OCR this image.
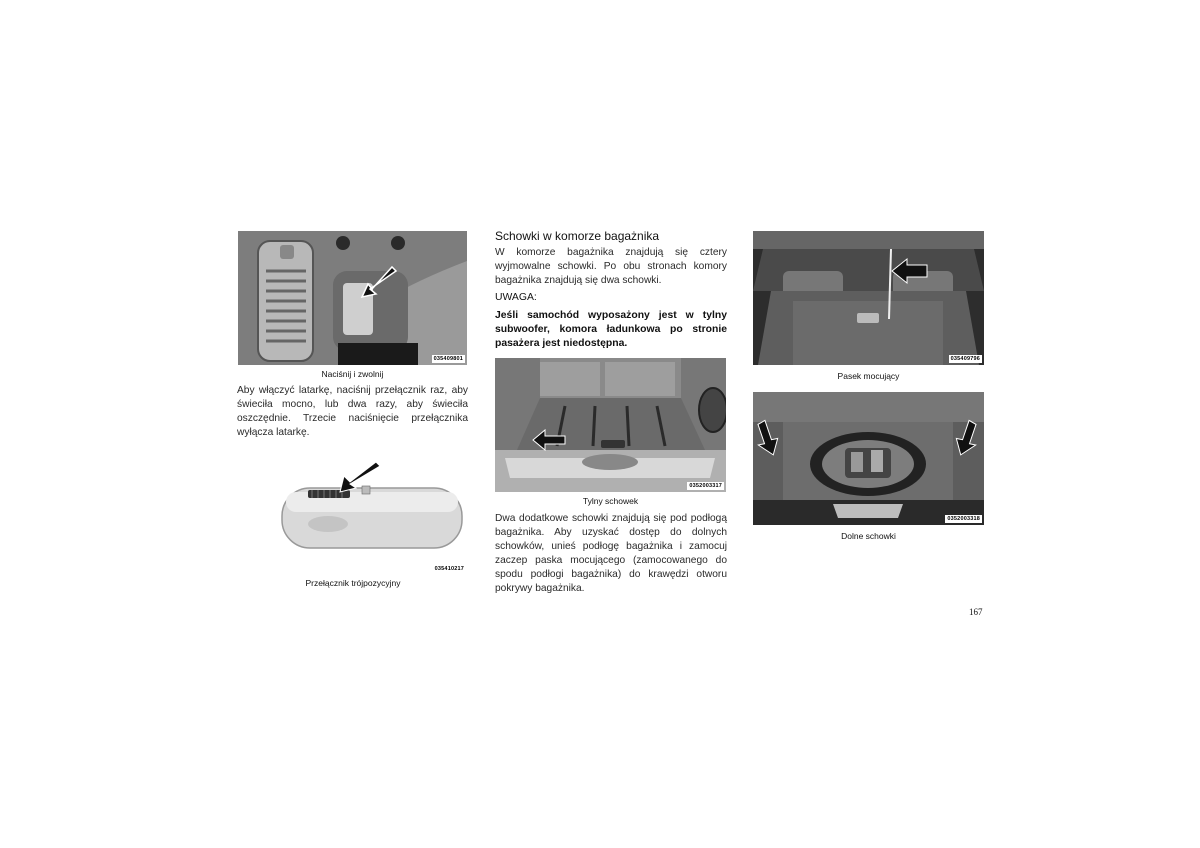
035409801
Naciśnij i zwolnij
Aby włączyć latarkę, naciśnij przełącznik raz, aby świeciła mocno, lub dwa razy, aby świeciła oszczędnie. Trzecie naciśnięcie przełącznika wyłącza latarkę.
035410217
Przełącznik trójpozycyjny
Schowki w komorze bagażnika
W komorze bagażnika znajdują się cztery wyjmowalne schowki. Po obu stronach komory bagażnika znajdują się dwa schowki.
UWAGA:
Jeśli samochód wyposażony jest w tylny subwoofer, komora ładunkowa po stronie pasażera jest niedostępna.
0352003317
Tylny schowek
Dwa dodatkowe schowki znajdują się pod podłogą bagażnika. Aby uzyskać dostęp do dolnych schowków, unieś podłogę bagażnika i zamocuj zaczep paska mocującego (zamocowanego do spodu podłogi bagażnika) do krawędzi otworu pokrywy bagażnika.
035409796
Pasek mocujący
0352003318
Dolne schowki
167
